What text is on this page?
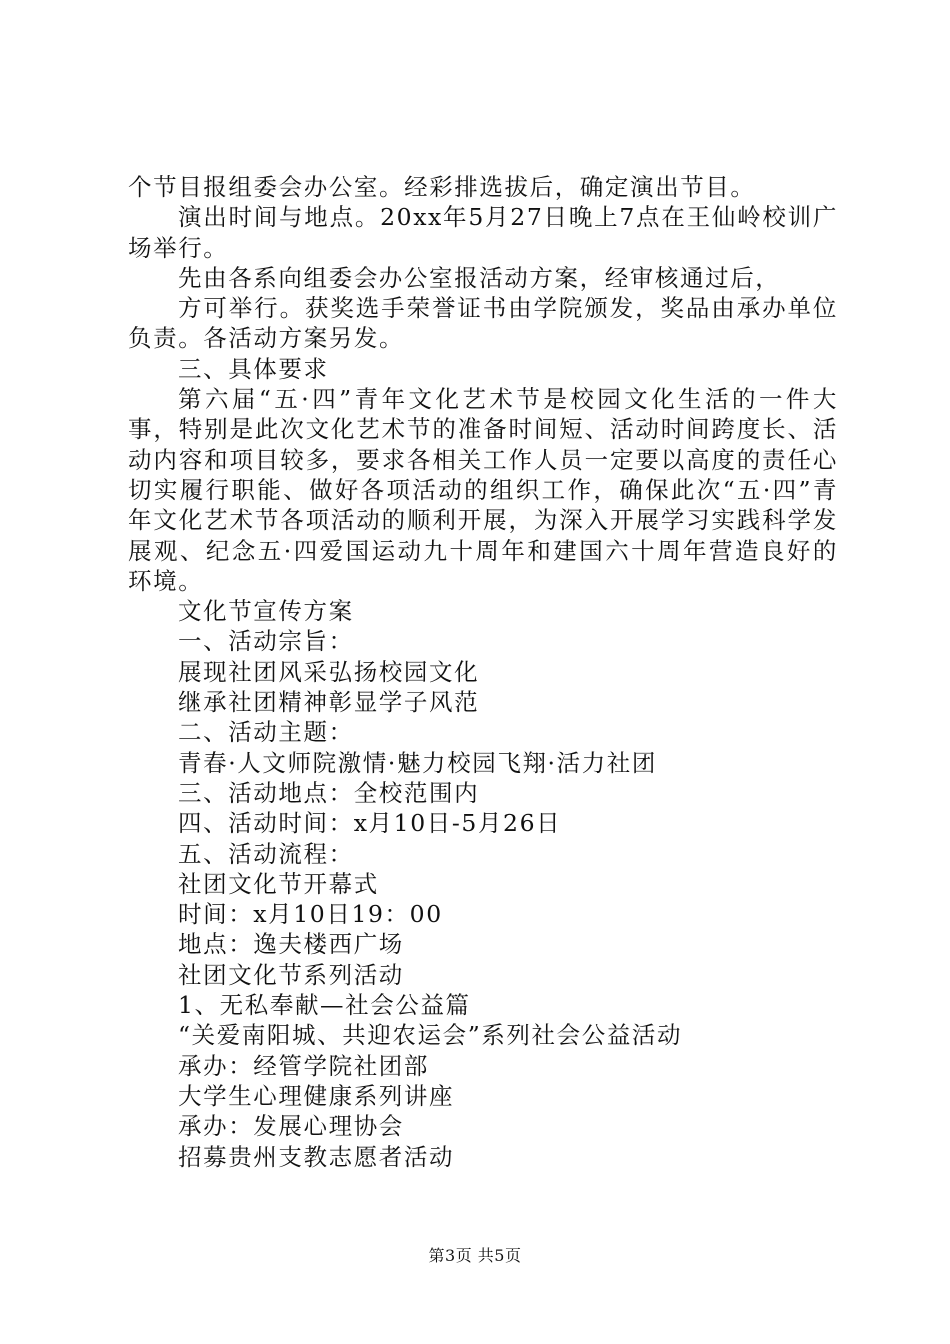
个节目报组委会办公室。经彩排选拔后，确定演出节目。

演出时间与地点。20xx年5月27日晚上7点在王仙岭校训广场举行。

先由各系向组委会办公室报活动方案，经审核通过后，

方可举行。获奖选手荣誉证书由学院颁发，奖品由承办单位负责。各活动方案另发。

三、具体要求

第六届“五·四”青年文化艺术节是校园文化生活的一件大事，特别是此次文化艺术节的准备时间短、活动时间跨度长、活动内容和项目较多，要求各相关工作人员一定要以高度的责任心切实履行职能、做好各项活动的组织工作，确保此次“五·四”青年文化艺术节各项活动的顺利开展，为深入开展学习实践科学发展观、纪念五·四爱国运动九十周年和建国六十周年营造良好的环境。

文化节宣传方案

一、活动宗旨：

展现社团风采弘扬校园文化

继承社团精神彰显学子风范

二、活动主题：

青春·人文师院激情·魅力校园飞翔·活力社团

三、活动地点：全校范围内

四、活动时间：x月10日-5月26日

五、活动流程：

社团文化节开幕式

时间：x月10日19：00

地点：逸夫楼西广场

社团文化节系列活动

1、无私奉献—社会公益篇

“关爱南阳城、共迎农运会”系列社会公益活动

承办：经管学院社团部

大学生心理健康系列讲座

承办：发展心理协会

招募贵州支教志愿者活动

第3页 共5页
